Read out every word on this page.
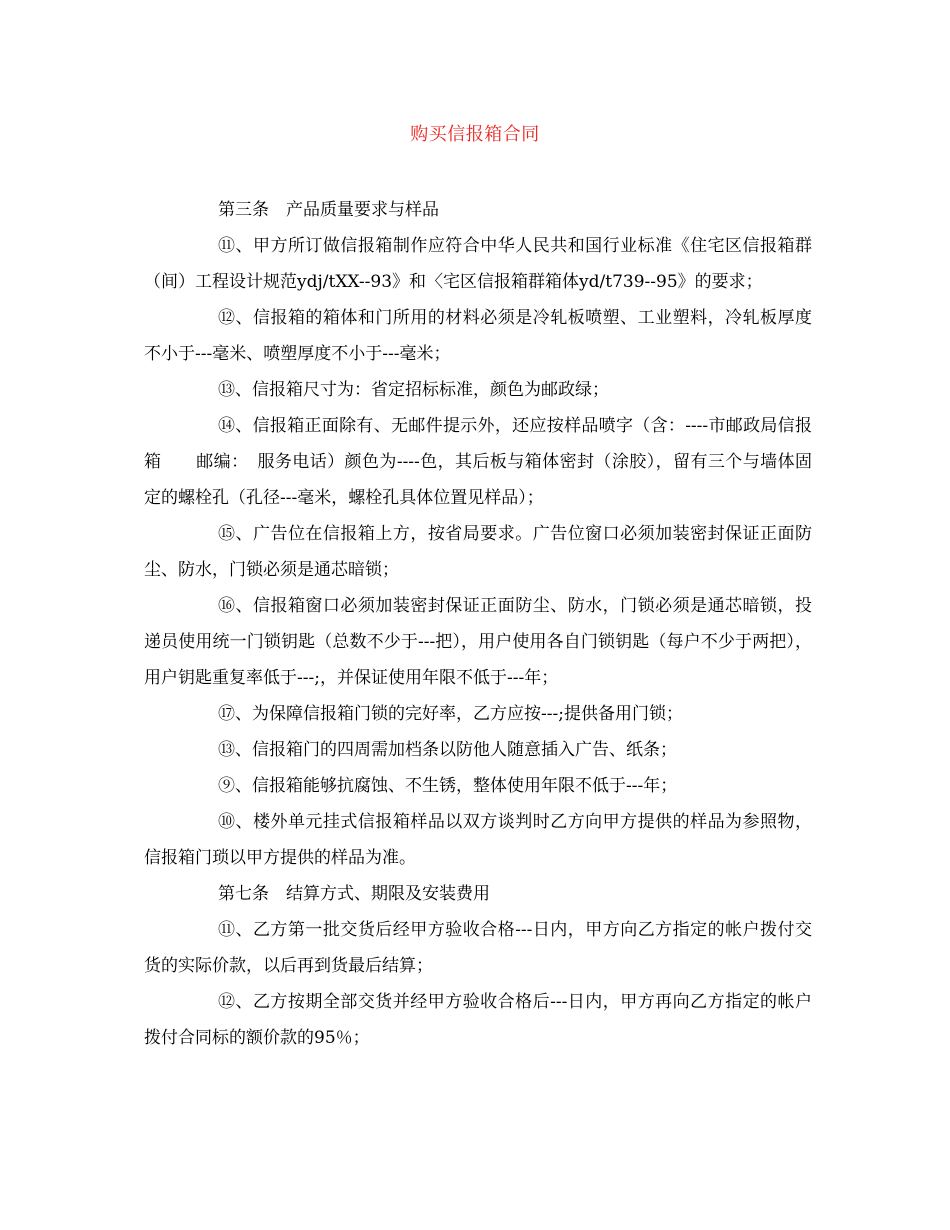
购买信报箱合同

第三条　产品质量要求与样品

⑪、甲方所订做信报箱制作应符合中华人民共和国行业标准《住宅区信报箱群（间）工程设计规范ydj/tXX--93》和〈宅区信报箱群箱体yd/t739--95》的要求；

⑫、信报箱的箱体和门所用的材料必须是冷轧板喷塑、工业塑料，冷轧板厚度不小于---毫米、喷塑厚度不小于---毫米；

⑬、信报箱尺寸为：省定招标标准，颜色为邮政绿；

⑭、信报箱正面除有、无邮件提示外，还应按样品喷字（含：----市邮政局信报箱　　邮编：　服务电话）颜色为----色，其后板与箱体密封（涂胶），留有三个与墙体固定的螺栓孔（孔径---毫米，螺栓孔具体位置见样品）；

⑮、广告位在信报箱上方，按省局要求。广告位窗口必须加装密封保证正面防尘、防水，门锁必须是通芯暗锁；

⑯、信报箱窗口必须加装密封保证正面防尘、防水，门锁必须是通芯暗锁，投递员使用统一门锁钥匙（总数不少于---把），用户使用各自门锁钥匙（每户不少于两把），用户钥匙重复率低于---;，并保证使用年限不低于---年；

⑰、为保障信报箱门锁的完好率，乙方应按---;提供备用门锁；

⑬、信报箱门的四周需加档条以防他人随意插入广告、纸条；

⑨、信报箱能够抗腐蚀、不生锈，整体使用年限不低于---年；

⑩、楼外单元挂式信报箱样品以双方谈判时乙方向甲方提供的样品为参照物，信报箱门琐以甲方提供的样品为准。

第七条　结算方式、期限及安装费用

⑪、乙方第一批交货后经甲方验收合格---日内，甲方向乙方指定的帐户拨付交货的实际价款，以后再到货最后结算；

⑫、乙方按期全部交货并经甲方验收合格后---日内，甲方再向乙方指定的帐户拨付合同标的额价款的95％；
